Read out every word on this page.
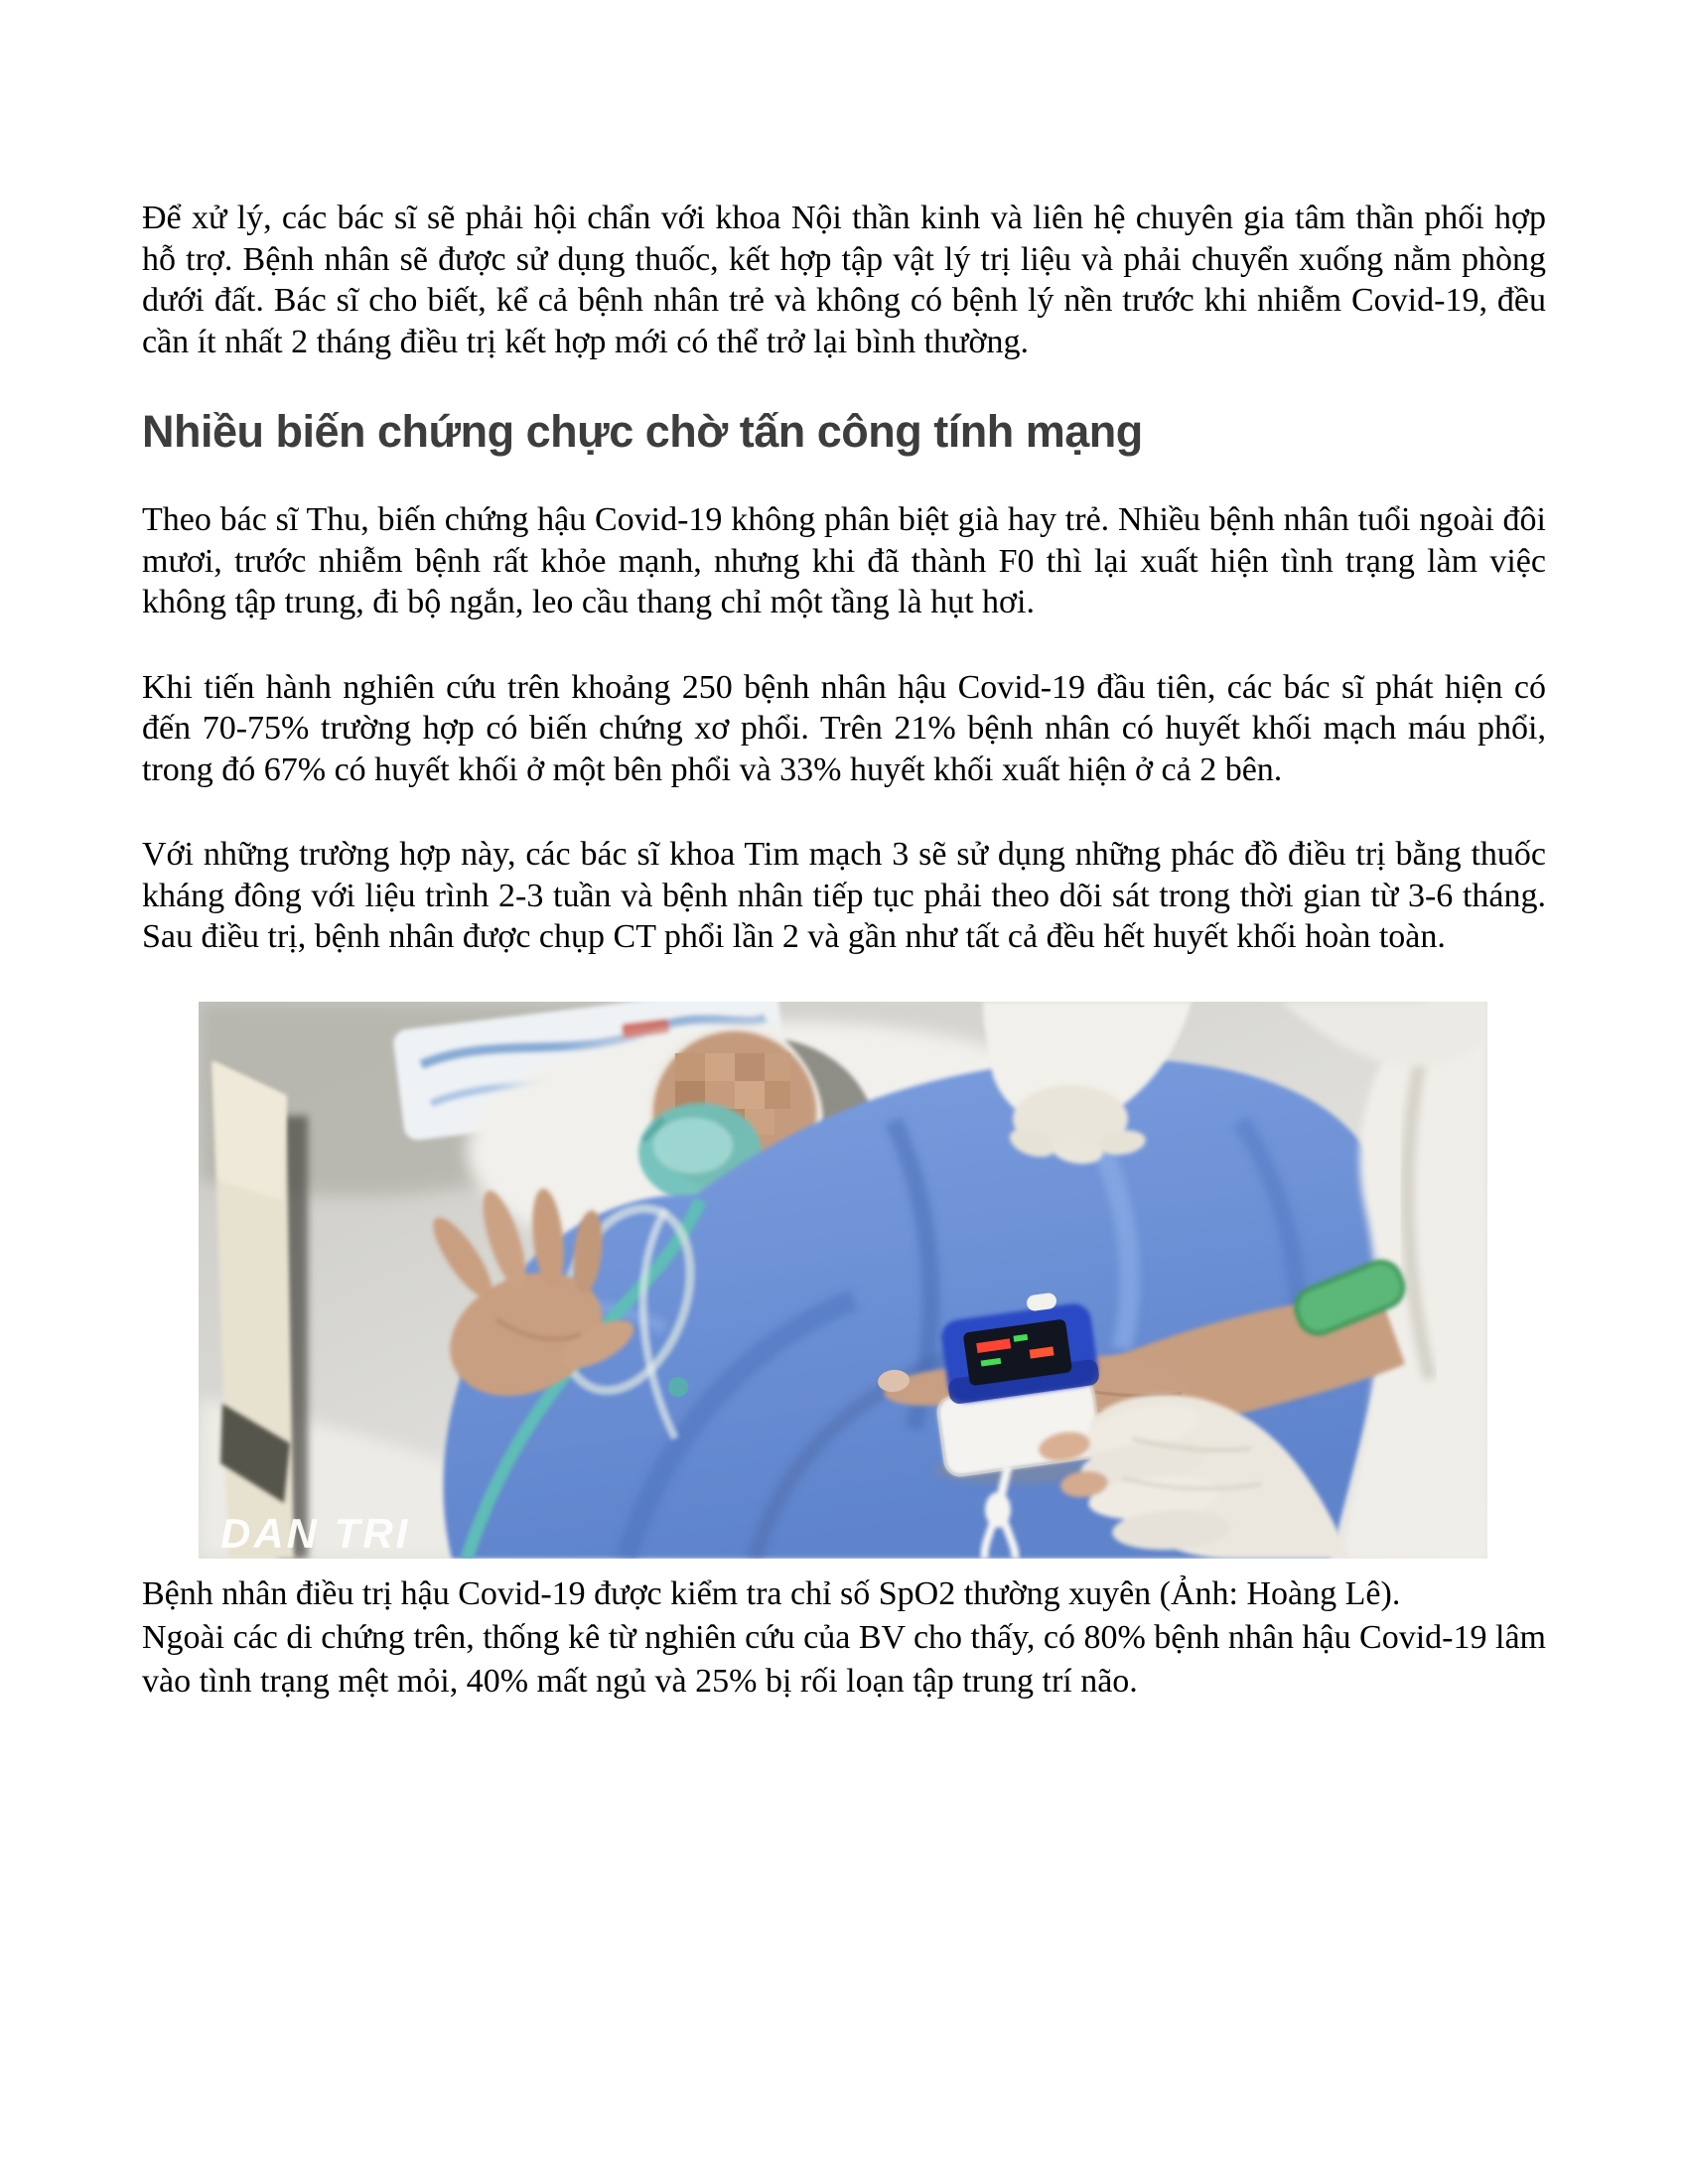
Để xử lý, các bác sĩ sẽ phải hội chẩn với khoa Nội thần kinh và liên hệ chuyên gia tâm thần phối hợp hỗ trợ. Bệnh nhân sẽ được sử dụng thuốc, kết hợp tập vật lý trị liệu và phải chuyển xuống nằm phòng dưới đất. Bác sĩ cho biết, kể cả bệnh nhân trẻ và không có bệnh lý nền trước khi nhiễm Covid-19, đều cần ít nhất 2 tháng điều trị kết hợp mới có thể trở lại bình thường.

Nhiều biến chứng chực chờ tấn công tính mạng

Theo bác sĩ Thu, biến chứng hậu Covid-19 không phân biệt già hay trẻ. Nhiều bệnh nhân tuổi ngoài đôi mươi, trước nhiễm bệnh rất khỏe mạnh, nhưng khi đã thành F0 thì lại xuất hiện tình trạng làm việc không tập trung, đi bộ ngắn, leo cầu thang chỉ một tầng là hụt hơi.

Khi tiến hành nghiên cứu trên khoảng 250 bệnh nhân hậu Covid-19 đầu tiên, các bác sĩ phát hiện có đến 70-75% trường hợp có biến chứng xơ phổi. Trên 21% bệnh nhân có huyết khối mạch máu phổi, trong đó 67% có huyết khối ở một bên phổi và 33% huyết khối xuất hiện ở cả 2 bên.

Với những trường hợp này, các bác sĩ khoa Tim mạch 3 sẽ sử dụng những phác đồ điều trị bằng thuốc kháng đông với liệu trình 2-3 tuần và bệnh nhân tiếp tục phải theo dõi sát trong thời gian từ 3-6 tháng. Sau điều trị, bệnh nhân được chụp CT phổi lần 2 và gần như tất cả đều hết huyết khối hoàn toàn.

DAN TRI

Bệnh nhân điều trị hậu Covid-19 được kiểm tra chỉ số SpO2 thường xuyên (Ảnh: Hoàng Lê).

Ngoài các di chứng trên, thống kê từ nghiên cứu của BV cho thấy, có 80% bệnh nhân hậu Covid-19 lâm vào tình trạng mệt mỏi, 40% mất ngủ và 25% bị rối loạn tập trung trí não.
